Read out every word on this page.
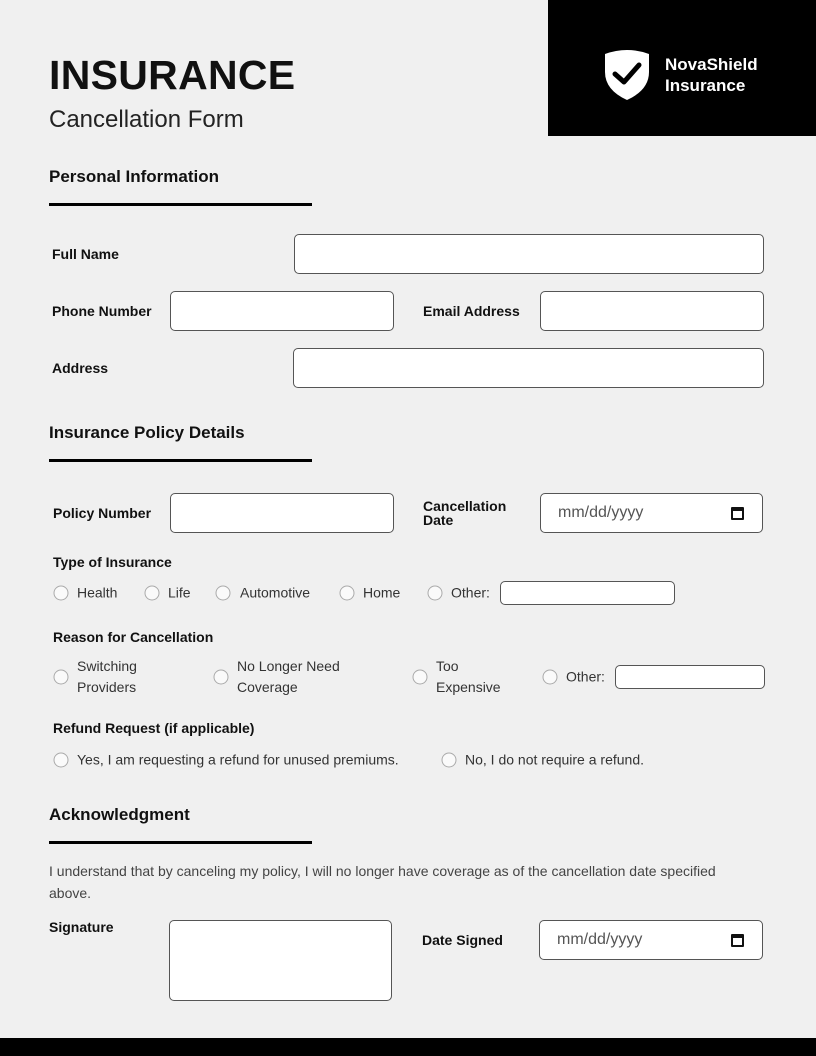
INSURANCE
Cancellation Form
NovaShield
Insurance
Personal Information
Full Name
Phone Number	Email Address
Address
Insurance Policy Details
Policy Number	Cancellation Date	mm/dd/yyyy
Type of Insurance
Health	Life	Automotive	Home	Other:
Reason for Cancellation
Switching
Providers
No Longer Need
Coverage
Too
Expensive
Other:
Refund Request (if applicable)
Yes, I am requesting a refund for unused premiums.	No, I do not require a refund.
Acknowledgment
I understand that by canceling my policy, I will no longer have coverage as of the cancellation date specified above.
Signature
Date Signed	mm/dd/yyyy
